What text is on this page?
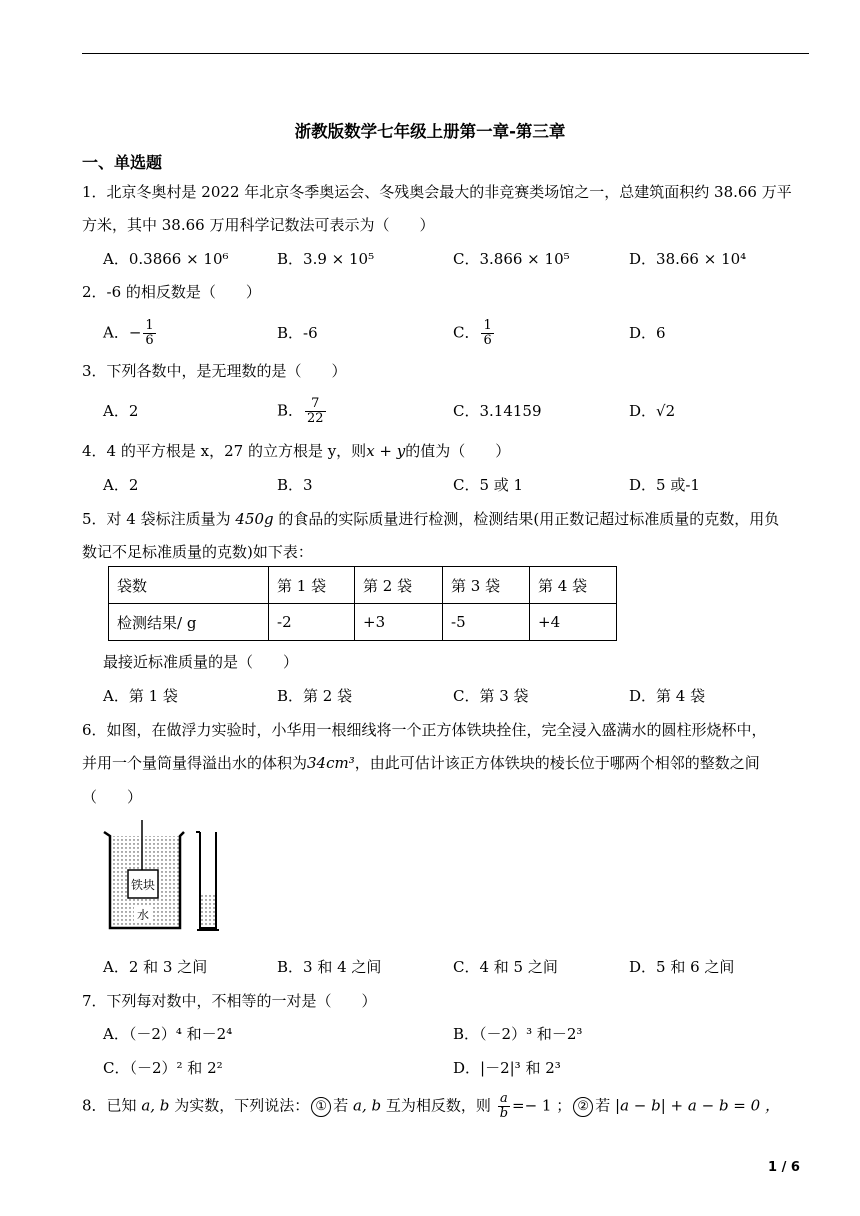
浙教版数学七年级上册第一章-第三章
一、单选题
1．北京冬奥村是 2022 年北京冬季奥运会、冬残奥会最大的非竞赛类场馆之一，总建筑面积约 38.66 万平
方米，其中 38.66 万用科学记数法可表示为（　　）
A．0.3866 × 10⁶	B．3.9 × 10⁵	C．3.866 × 10⁵	D．38.66 × 10⁴
2．-6 的相反数是（　　）
A．− $\frac{1}{6}$	B．-6	C． $\frac{1}{6}$	D．6
3．下列各数中，是无理数的是（　　）
A．2	B． $\frac{7}{22}$	C．3.14159	D．√2
4．4 的平方根是 x，27 的立方根是 y，则x + y的值为（　　）
A．2	B．3	C．5 或 1	D．5 或-1
5．对 4 袋标注质量为 450g 的食品的实际质量进行检测，检测结果(用正数记超过标准质量的克数，用负
数记不足标准质量的克数)如下表：
袋数	第 1 袋	第 2 袋	第 3 袋	第 4 袋
检测结果/ g	-2	+3	-5	+4
最接近标准质量的是（　　）
A．第 1 袋	B．第 2 袋	C．第 3 袋	D．第 4 袋
6．如图，在做浮力实验时，小华用一根细线将一个正方体铁块拴住，完全浸入盛满水的圆柱形烧杯中，
并用一个量筒量得溢出水的体积为34cm³，由此可估计该正方体铁块的棱长位于哪两个相邻的整数之间
（　　）
铁块
水
A．2 和 3 之间	B．3 和 4 之间	C．4 和 5 之间	D．5 和 6 之间
7．下列每对数中，不相等的一对是（　　）
A．（－2）⁴ 和－2⁴	B．（－2）³ 和－2³
C．（－2）² 和 2²	D．|－2|³ 和 2³
8．已知 a, b 为实数，下列说法： ① 若 a, b 互为相反数，则 $\frac{a}{b} =- 1$ ； ② 若 |a − b| + a − b = 0 ，
1 / 6
